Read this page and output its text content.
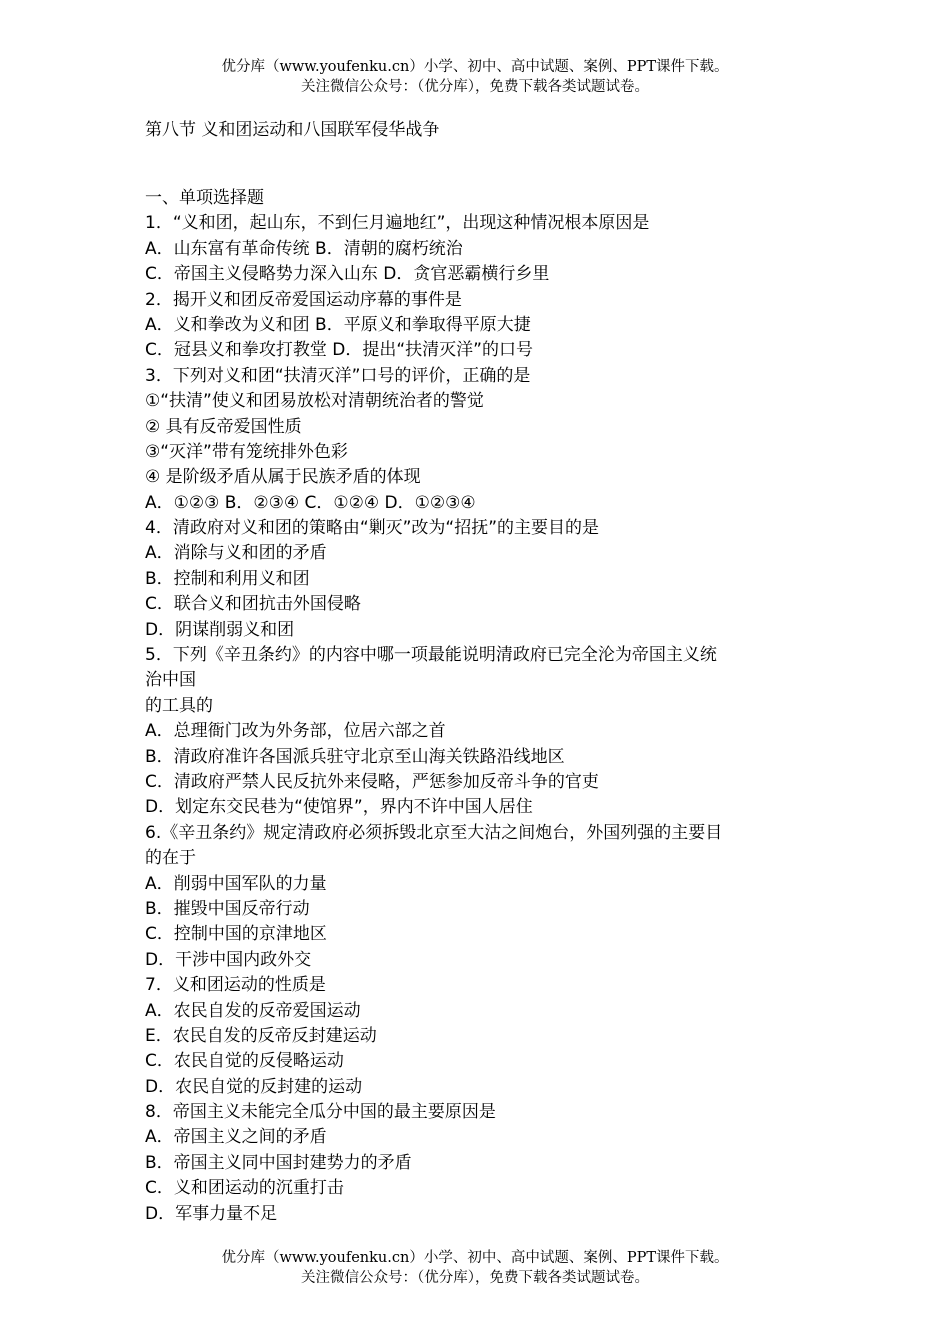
优分库（www.youfenku.cn）小学、初中、高中试题、案例、PPT课件下载。
关注微信公众号：（优分库），免费下载各类试题试卷。
第八节 义和团运动和八国联军侵华战争
一、单项选择题
1．“义和团，起山东，不到仨月遍地红”，出现这种情况根本原因是
A．山东富有革命传统 B．清朝的腐朽统治
C．帝国主义侵略势力深入山东 D．贪官恶霸横行乡里
2．揭开义和团反帝爱国运动序幕的事件是
A．义和拳改为义和团 B．平原义和拳取得平原大捷
C．冠县义和拳攻打教堂 D．提出“扶清灭洋”的口号
3．下列对义和团“扶清灭洋”口号的评价，正确的是
①“扶清”使义和团易放松对清朝统治者的警觉
② 具有反帝爱国性质
③“灭洋”带有笼统排外色彩
④ 是阶级矛盾从属于民族矛盾的体现
A．①②③ B．②③④ C．①②④ D．①②③④
4．清政府对义和团的策略由“剿灭”改为“招抚”的主要目的是
A．消除与义和团的矛盾
B．控制和利用义和团
C．联合义和团抗击外国侵略
D．阴谋削弱义和团
5．下列《辛丑条约》的内容中哪一项最能说明清政府已完全沦为帝国主义统
治中国
的工具的
A．总理衙门改为外务部，位居六部之首
B．清政府准许各国派兵驻守北京至山海关铁路沿线地区
C．清政府严禁人民反抗外来侵略，严惩参加反帝斗争的官吏
D．划定东交民巷为“使馆界”，界内不许中国人居住
6.《辛丑条约》规定清政府必须拆毁北京至大沽之间炮台，外国列强的主要目
的在于
A．削弱中国军队的力量
B．摧毁中国反帝行动
C．控制中国的京津地区
D．干涉中国内政外交
7．义和团运动的性质是
A．农民自发的反帝爱国运动
E．农民自发的反帝反封建运动
C．农民自觉的反侵略运动
D．农民自觉的反封建的运动
8．帝国主义未能完全瓜分中国的最主要原因是
A．帝国主义之间的矛盾
B．帝国主义同中国封建势力的矛盾
C．义和团运动的沉重打击
D．军事力量不足
优分库（www.youfenku.cn）小学、初中、高中试题、案例、PPT课件下载。
关注微信公众号：（优分库），免费下载各类试题试卷。
